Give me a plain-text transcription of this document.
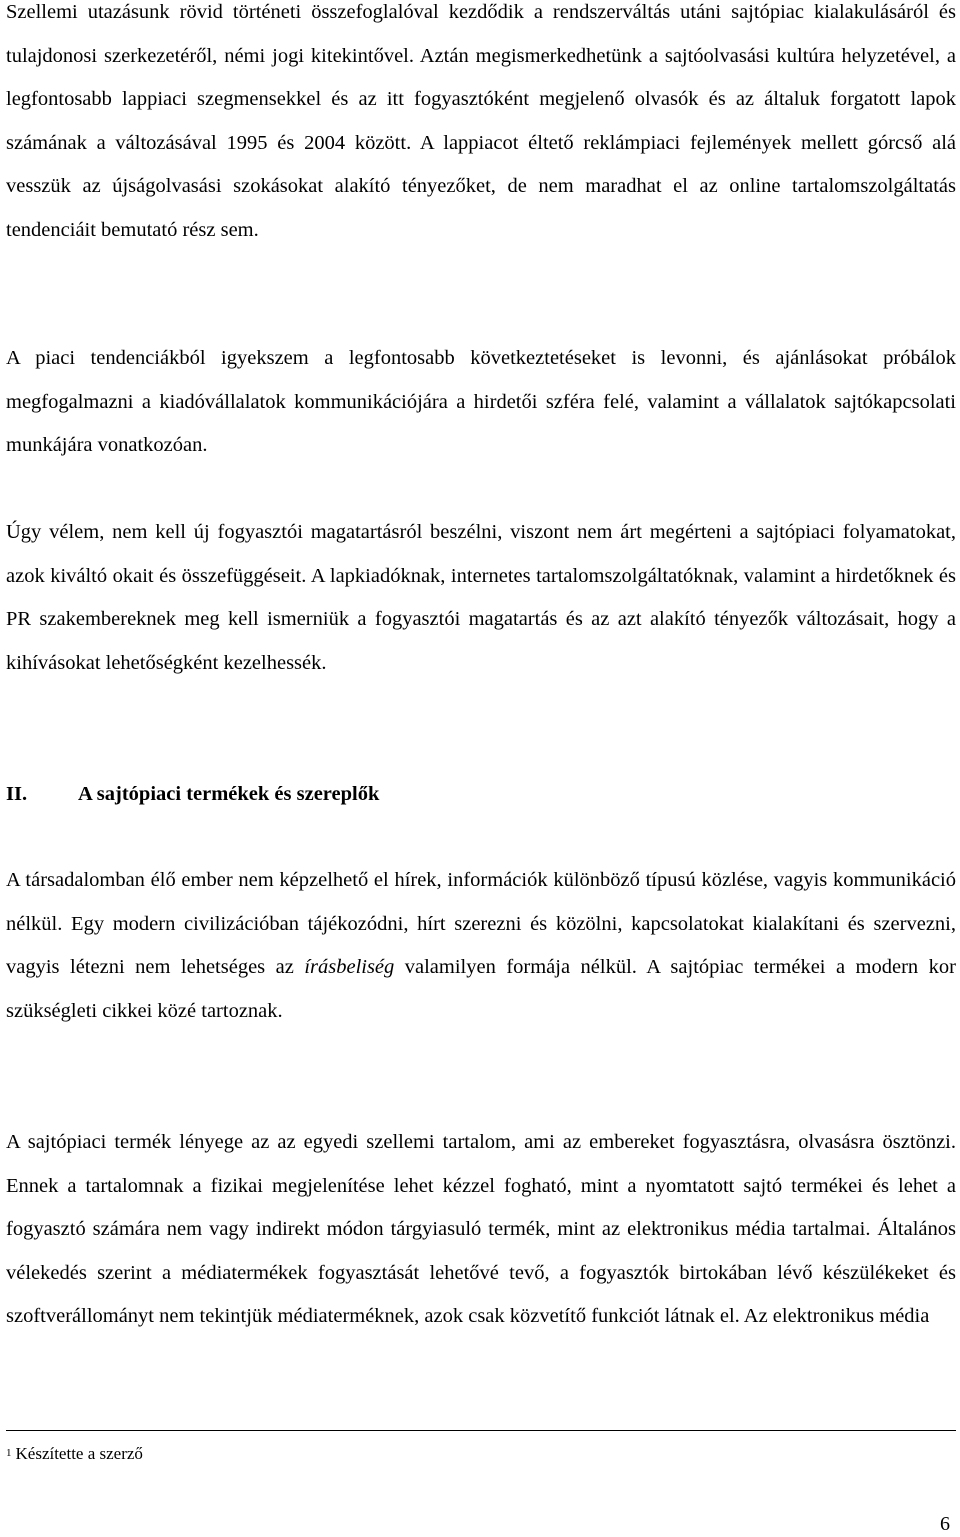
Szellemi utazásunk rövid történeti összefoglalóval kezdődik a rendszerváltás utáni sajtópiac kialakulásáról és tulajdonosi szerkezetéről, némi jogi kitekintővel. Aztán megismerkedhetünk a sajtóolvasási kultúra helyzetével, a legfontosabb lappiaci szegmensekkel és az itt fogyasztóként megjelenő olvasók és az általuk forgatott lapok számának a változásával 1995 és 2004 között. A lappiacot éltető reklámpiaci fejlemények mellett górcső alá vesszük az újságolvasási szokásokat alakító tényezőket, de nem maradhat el az online tartalomszolgáltatás tendenciáit bemutató rész sem.

A piaci tendenciákból igyekszem a legfontosabb következtetéseket is levonni, és ajánlásokat próbálok megfogalmazni a kiadóvállalatok kommunikációjára a hirdetői szféra felé, valamint a vállalatok sajtókapcsolati munkájára vonatkozóan.

Úgy vélem, nem kell új fogyasztói magatartásról beszélni, viszont nem árt megérteni a sajtópiaci folyamatokat, azok kiváltó okait és összefüggéseit. A lapkiadóknak, internetes tartalomszolgáltatóknak, valamint a hirdetőknek és PR szakembereknek meg kell ismerniük a fogyasztói magatartás és az azt alakító tényezők változásait, hogy a kihívásokat lehetőségként kezelhessék.

II. A sajtópiaci termékek és szereplők

A társadalomban élő ember nem képzelhető el hírek, információk különböző típusú közlése, vagyis kommunikáció nélkül. Egy modern civilizációban tájékozódni, hírt szerezni és közölni, kapcsolatokat kialakítani és szervezni, vagyis létezni nem lehetséges az írásbeliség valamilyen formája nélkül. A sajtópiac termékei a modern kor szükségleti cikkei közé tartoznak.

A sajtópiaci termék lényege az az egyedi szellemi tartalom, ami az embereket fogyasztásra, olvasásra ösztönzi. Ennek a tartalomnak a fizikai megjelenítése lehet kézzel fogható, mint a nyomtatott sajtó termékei és lehet a fogyasztó számára nem vagy indirekt módon tárgyiasuló termék, mint az elektronikus média tartalmai. Általános vélekedés szerint a médiatermékek fogyasztását lehetővé tevő, a fogyasztók birtokában lévő készülékeket és szoftverállományt nem tekintjük médiaterméknek, azok csak közvetítő funkciót látnak el. Az elektronikus média

1 Készítette a szerző

6
